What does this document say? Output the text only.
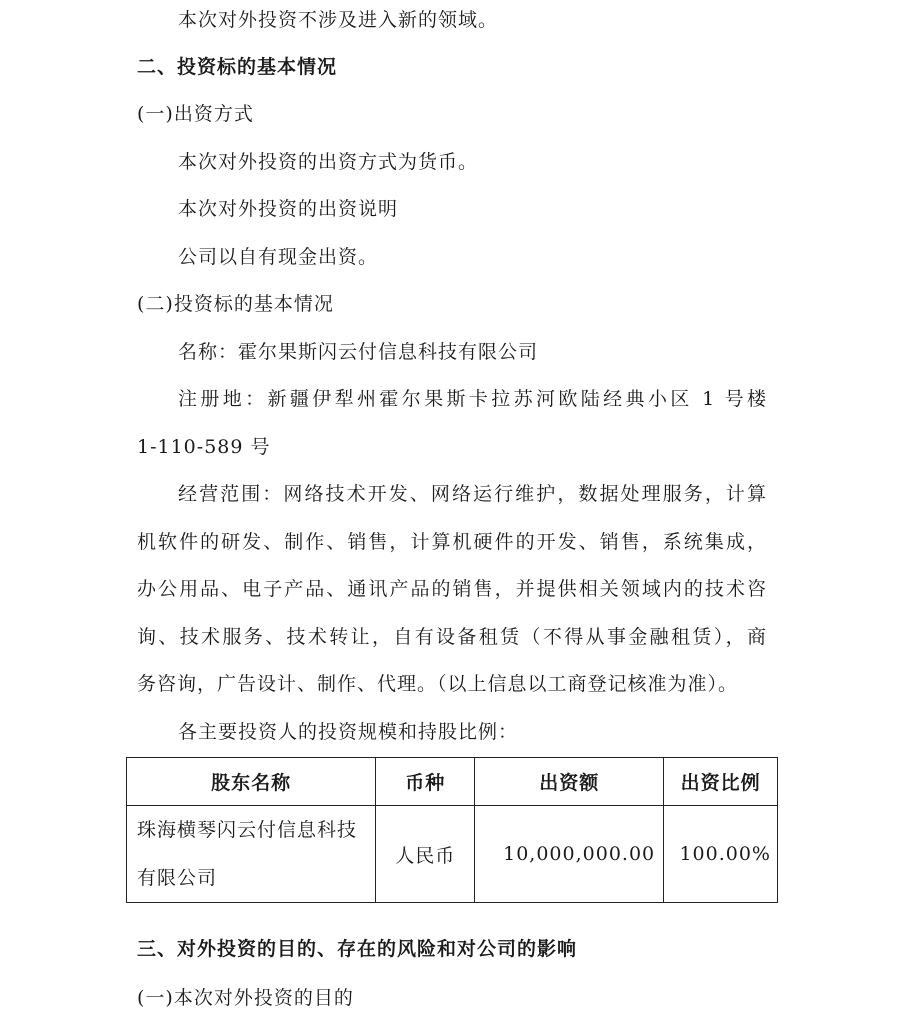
本次对外投资不涉及进入新的领域。
二、投资标的基本情况
(一)出资方式
本次对外投资的出资方式为货币。
本次对外投资的出资说明
公司以自有现金出资。
(二)投资标的基本情况
名称：霍尔果斯闪云付信息科技有限公司
注册地：新疆伊犁州霍尔果斯卡拉苏河欧陆经典小区 1 号楼
1-110-589 号
经营范围：网络技术开发、网络运行维护，数据处理服务，计算
机软件的研发、制作、销售，计算机硬件的开发、销售，系统集成，
办公用品、电子产品、通讯产品的销售，并提供相关领域内的技术咨
询、技术服务、技术转让，自有设备租赁（不得从事金融租赁），商
务咨询，广告设计、制作、代理。（以上信息以工商登记核准为准）。
各主要投资人的投资规模和持股比例：
股东名称	币种	出资额	出资比例

珠海横琴闪云付信息科技
有限公司	人民币	10,000,000.00	100.00%
三、对外投资的目的、存在的风险和对公司的影响
(一)本次对外投资的目的
